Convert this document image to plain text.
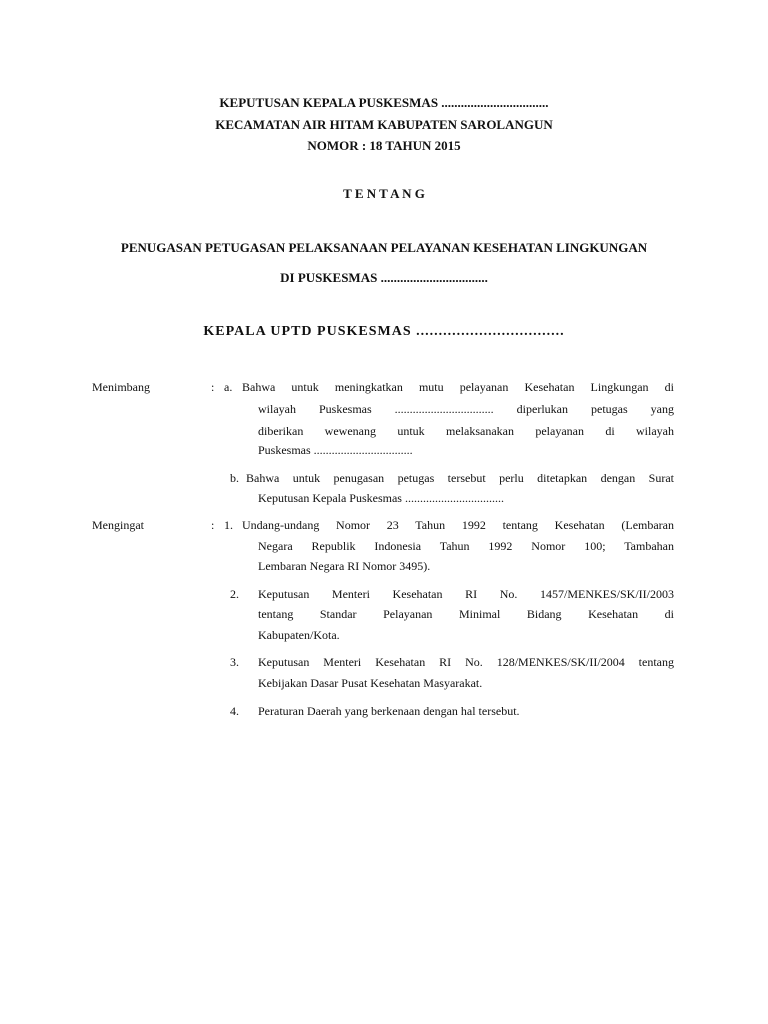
KEPUTUSAN KEPALA PUSKESMAS .................................
KECAMATAN AIR HITAM KABUPATEN SAROLANGUN
NOMOR : 18 TAHUN 2015
T E N T A N G
PENUGASAN PETUGASAN PELAKSANAAN PELAYANAN KESEHATAN LINGKUNGAN
DI PUSKESMAS .................................
KEPALA UPTD PUSKESMAS .................................
Menimbang	: a. Bahwa untuk meningkatkan mutu pelayanan Kesehatan Lingkungan di
wilayah Puskesmas ................................. diperlukan petugas yang
diberikan wewenang untuk melaksanakan pelayanan di wilayah
Puskesmas .................................
b. Bahwa untuk penugasan petugas tersebut perlu ditetapkan dengan Surat
Keputusan Kepala Puskesmas .................................
Mengingat	: 1. Undang-undang Nomor 23 Tahun 1992 tentang Kesehatan (Lembaran
Negara Republik Indonesia Tahun 1992 Nomor 100; Tambahan
Lembaran Negara RI Nomor 3495).
2. Keputusan Menteri Kesehatan RI No. 1457/MENKES/SK/II/2003
tentang Standar Pelayanan Minimal Bidang Kesehatan di
Kabupaten/Kota.
3. Keputusan Menteri Kesehatan RI No. 128/MENKES/SK/II/2004 tentang
Kebijakan Dasar Pusat Kesehatan Masyarakat.
4. Peraturan Daerah yang berkenaan dengan hal tersebut.
